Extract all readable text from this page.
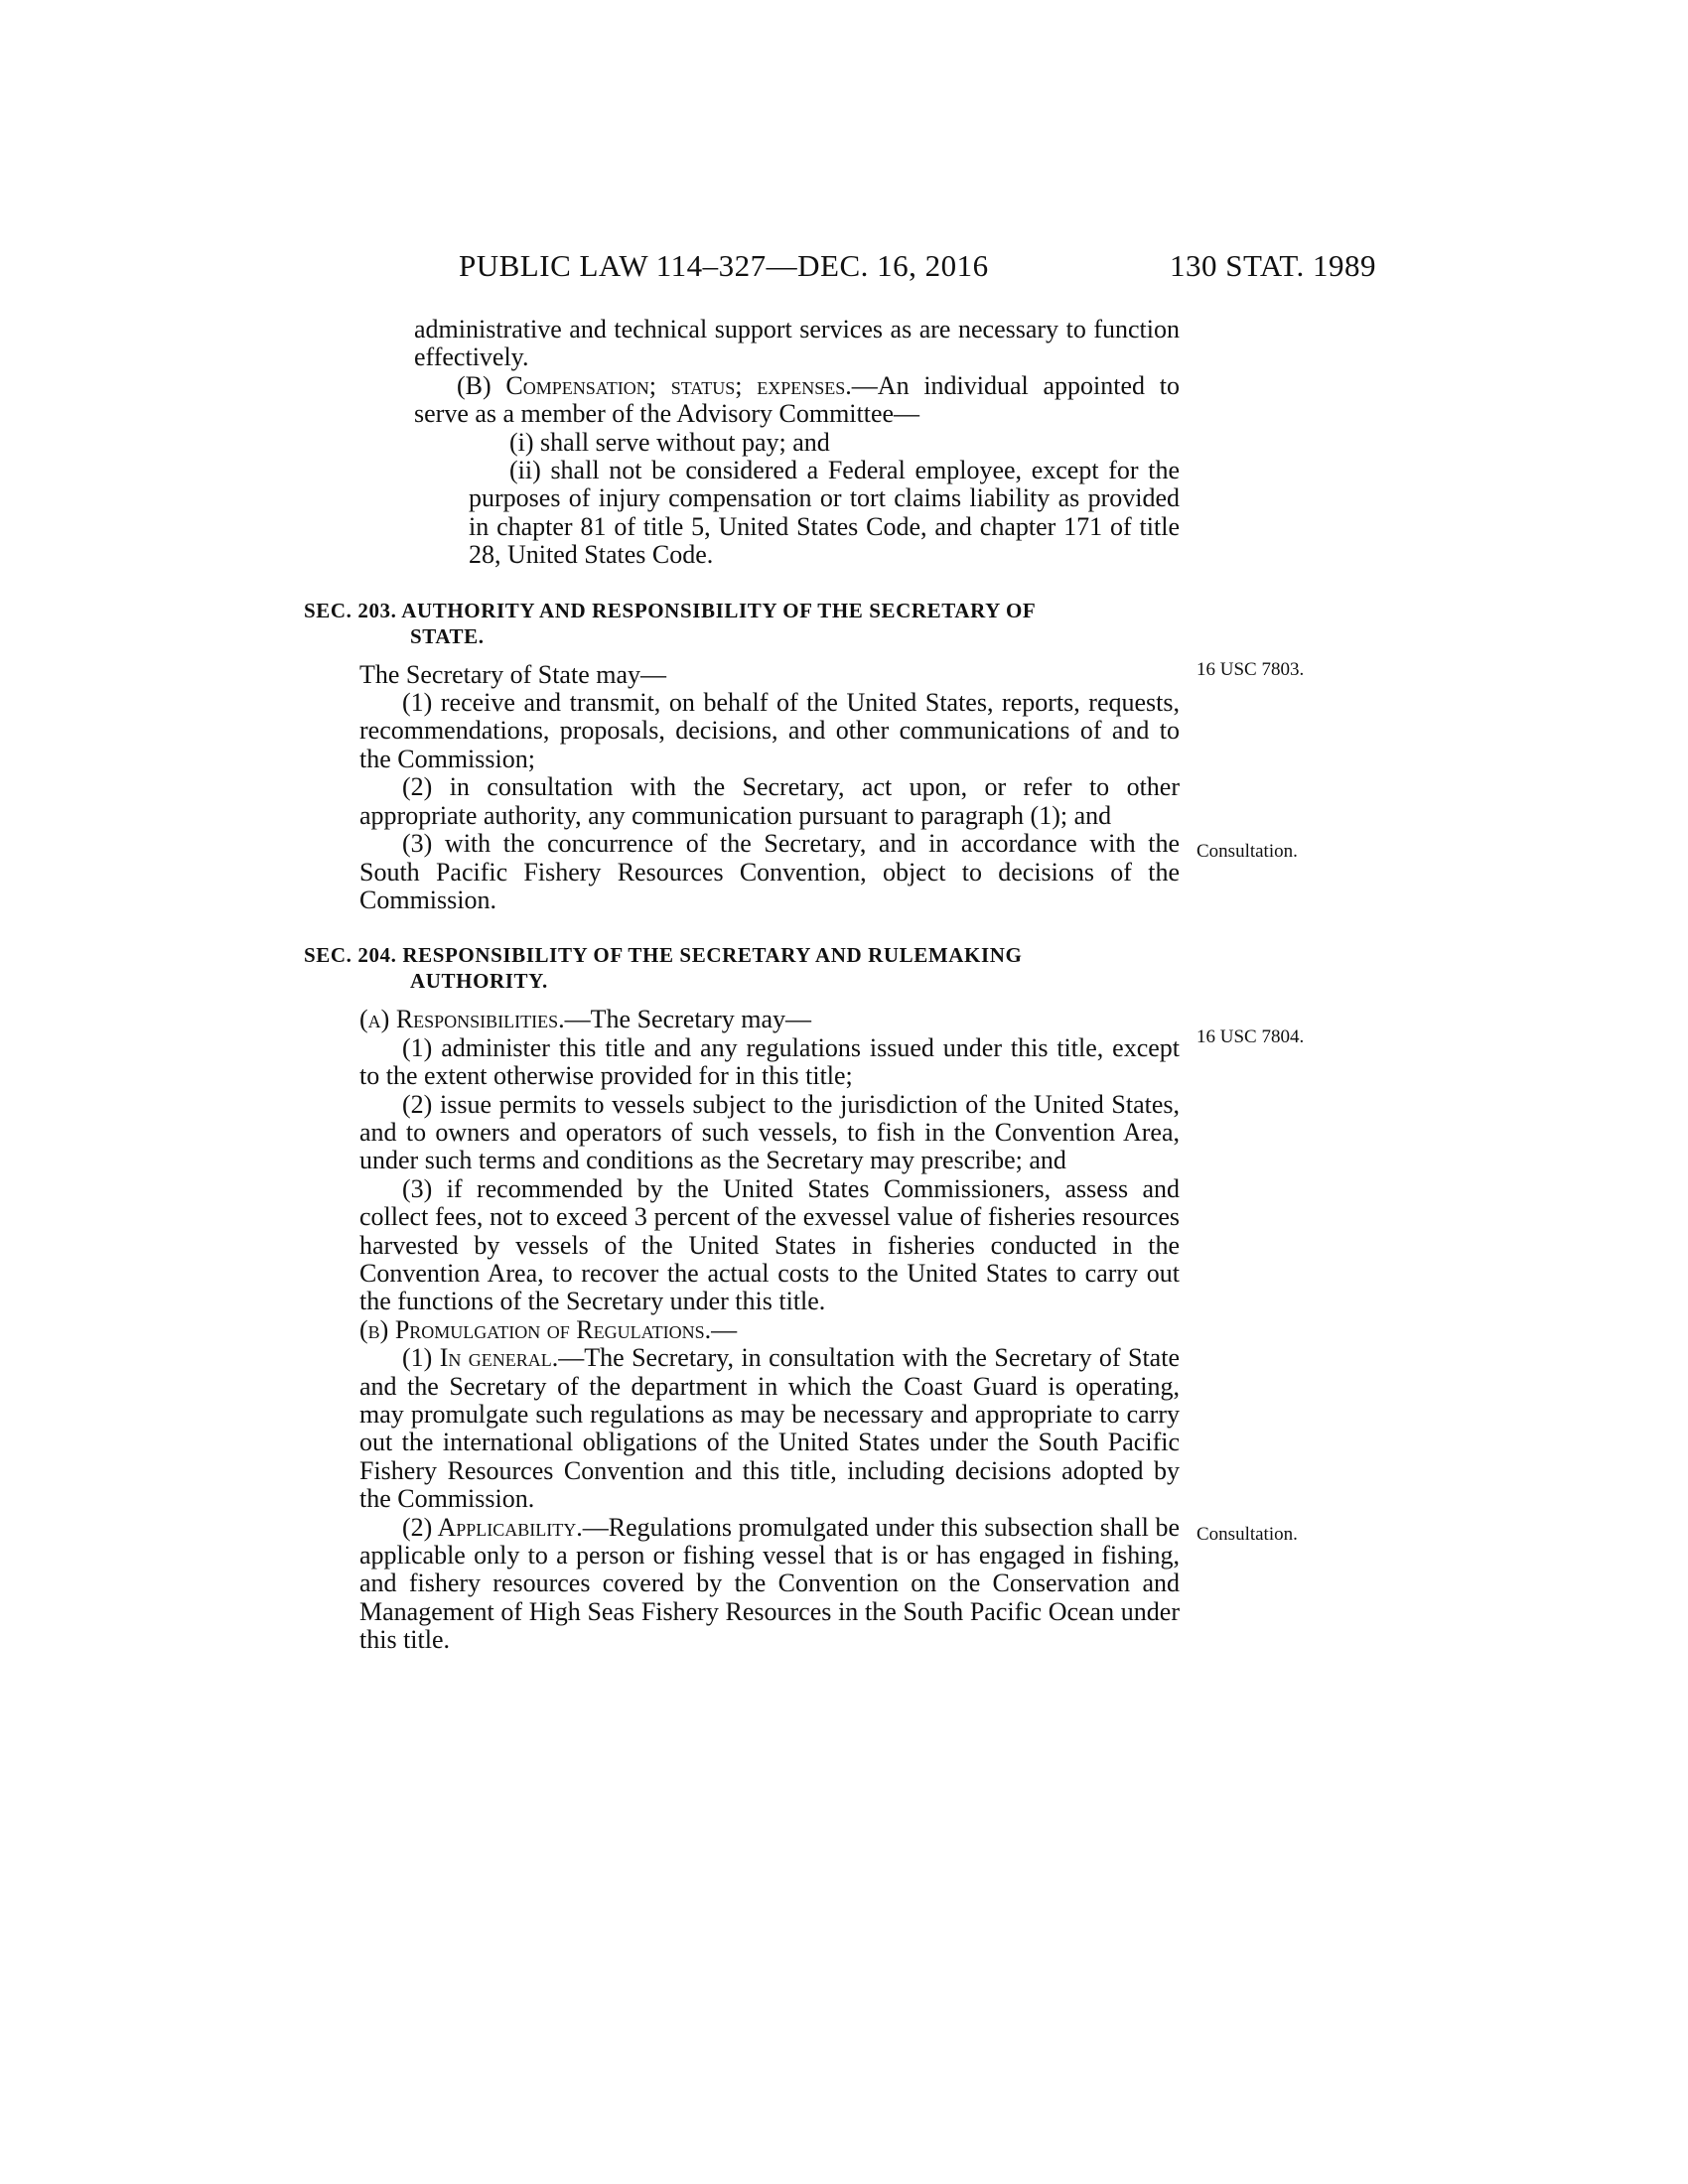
PUBLIC LAW 114–327—DEC. 16, 2016	130 STAT. 1989
16 USC 7803.
Consultation.
16 USC 7804.
Consultation.

administrative and technical support services as are necessary to function effectively.

(B) Compensation; status; expenses.—An individual appointed to serve as a member of the Advisory Committee—

(i) shall serve without pay; and

(ii) shall not be considered a Federal employee, except for the purposes of injury compensation or tort claims liability as provided in chapter 81 of title 5, United States Code, and chapter 171 of title 28, United States Code.

SEC. 203. AUTHORITY AND RESPONSIBILITY OF THE SECRETARY OF
STATE.

The Secretary of State may—

(1) receive and transmit, on behalf of the United States, reports, requests, recommendations, proposals, decisions, and other communications of and to the Commission;

(2) in consultation with the Secretary, act upon, or refer to other appropriate authority, any communication pursuant to paragraph (1); and

(3) with the concurrence of the Secretary, and in accordance with the South Pacific Fishery Resources Convention, object to decisions of the Commission.

SEC. 204. RESPONSIBILITY OF THE SECRETARY AND RULEMAKING
AUTHORITY.

(a) Responsibilities.—The Secretary may—

(1) administer this title and any regulations issued under this title, except to the extent otherwise provided for in this title;

(2) issue permits to vessels subject to the jurisdiction of the United States, and to owners and operators of such vessels, to fish in the Convention Area, under such terms and conditions as the Secretary may prescribe; and

(3) if recommended by the United States Commissioners, assess and collect fees, not to exceed 3 percent of the exvessel value of fisheries resources harvested by vessels of the United States in fisheries conducted in the Convention Area, to recover the actual costs to the United States to carry out the functions of the Secretary under this title.

(b) Promulgation of Regulations.—

(1) In general.—The Secretary, in consultation with the Secretary of State and the Secretary of the department in which the Coast Guard is operating, may promulgate such regulations as may be necessary and appropriate to carry out the international obligations of the United States under the South Pacific Fishery Resources Convention and this title, including decisions adopted by the Commission.

(2) Applicability.—Regulations promulgated under this subsection shall be applicable only to a person or fishing vessel that is or has engaged in fishing, and fishery resources covered by the Convention on the Conservation and Management of High Seas Fishery Resources in the South Pacific Ocean under this title.
